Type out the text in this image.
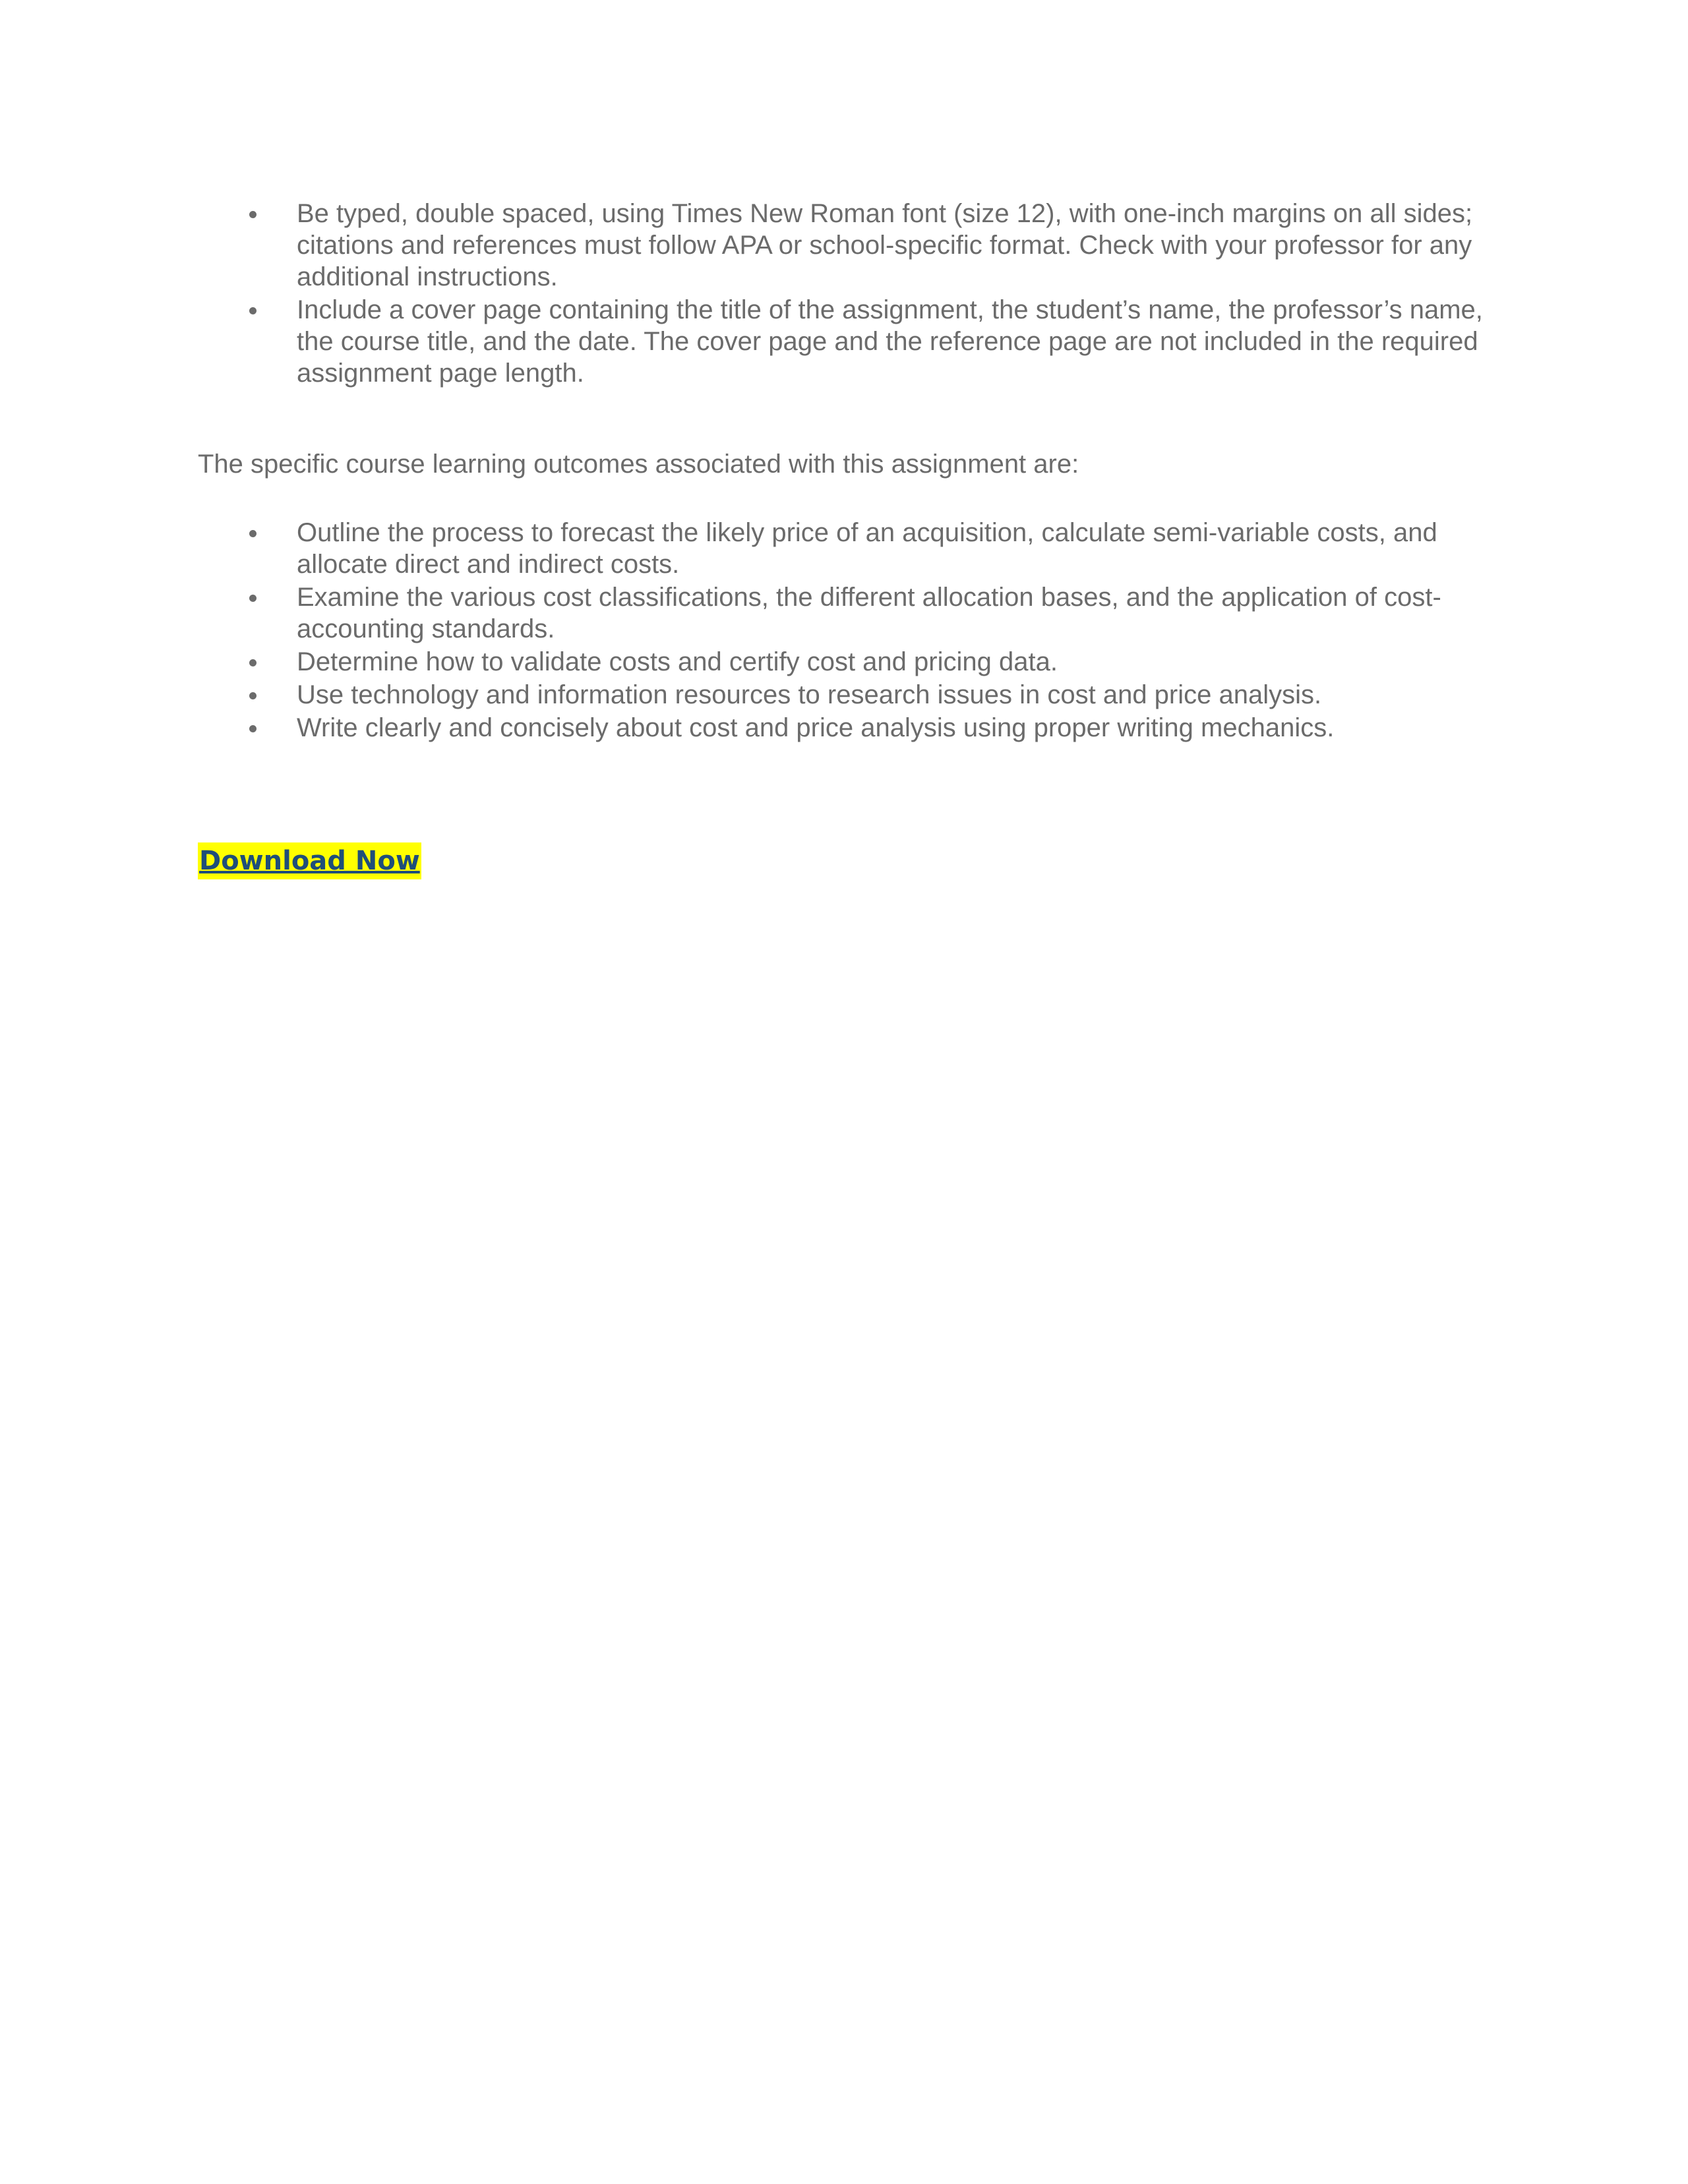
Be typed, double spaced, using Times New Roman font (size 12), with one-inch margins on all sides; citations and references must follow APA or school-specific format. Check with your professor for any additional instructions.
Include a cover page containing the title of the assignment, the student’s name, the professor’s name, the course title, and the date. The cover page and the reference page are not included in the required assignment page length.

The specific course learning outcomes associated with this assignment are:

Outline the process to forecast the likely price of an acquisition, calculate semi-variable costs, and allocate direct and indirect costs.
Examine the various cost classifications, the different allocation bases, and the application of cost-accounting standards.
Determine how to validate costs and certify cost and pricing data.
Use technology and information resources to research issues in cost and price analysis.
Write clearly and concisely about cost and price analysis using proper writing mechanics.
Download Now
